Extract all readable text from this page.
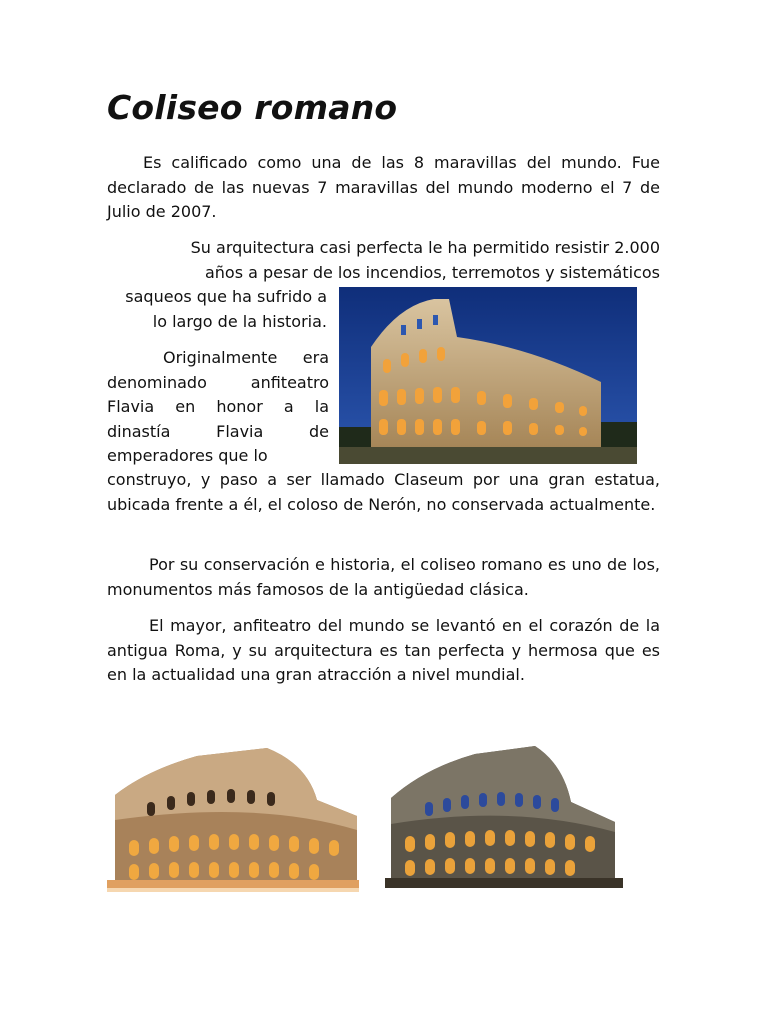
Coliseo romano

Es calificado como una de las 8 maravillas del mundo. Fue declarado de las nuevas 7 maravillas del mundo moderno el 7 de Julio de 2007.

Su arquitectura casi perfecta le ha permitido resistir 2.000
años a pesar de los incendios, terremotos y sistemáticos

saqueos que ha sufrido a lo largo de la historia.

Originalmente era denominado anfiteatro Flavia en honor a la dinastía Flavia de emperadores que lo

construyo, y paso a ser llamado Claseum por una gran estatua, ubicada frente a él, el coloso de Nerón, no conservada actualmente.

Por su conservación e historia, el coliseo romano es uno de los, monumentos más famosos de la antigüedad clásica.

El mayor, anfiteatro del mundo se levantó en el corazón de la antigua Roma, y su arquitectura es tan perfecta y hermosa que es en la actualidad una gran atracción a nivel mundial.
